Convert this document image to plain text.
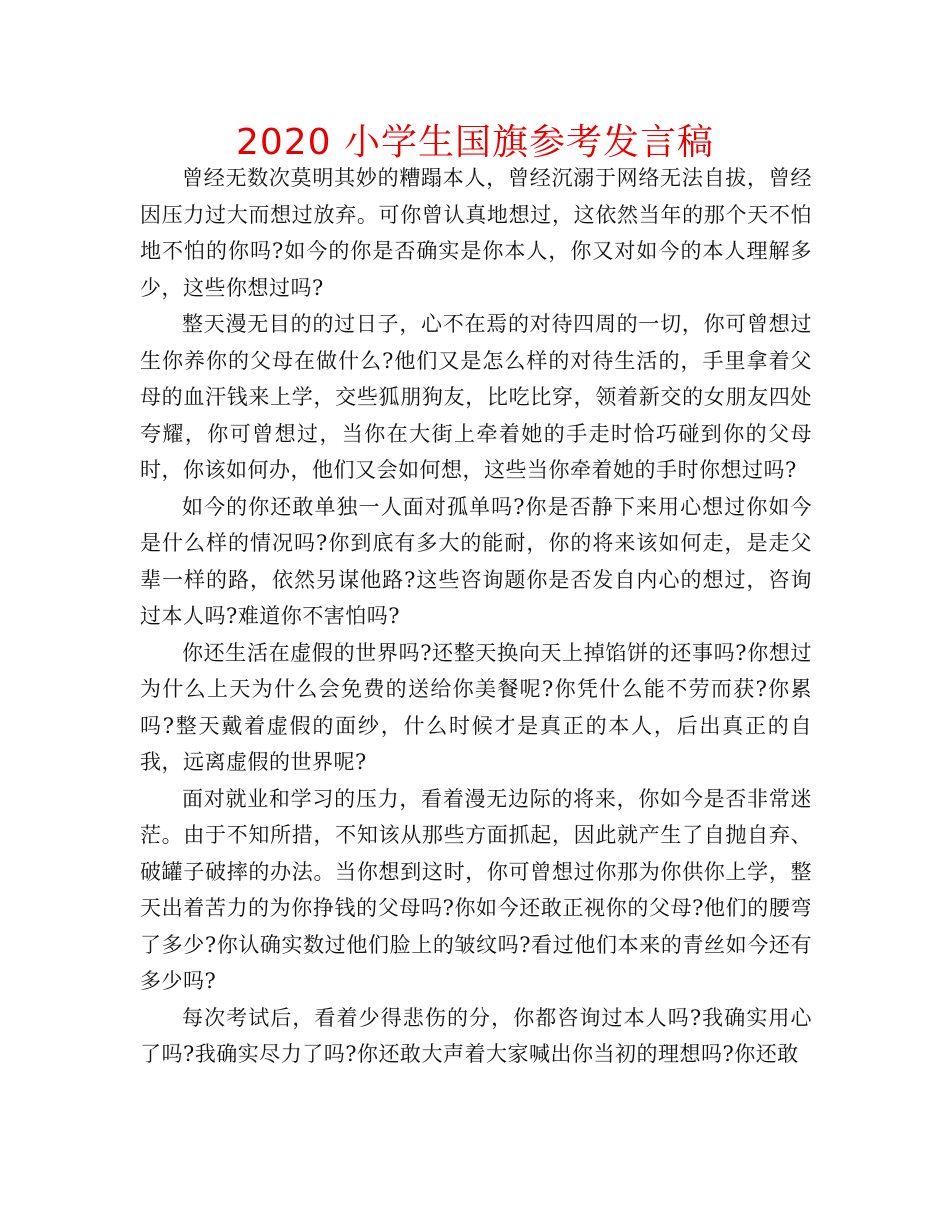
2020 小学生国旗参考发言稿

曾经无数次莫明其妙的糟蹋本人，曾经沉溺于网络无法自拔，曾经因压力过大而想过放弃。可你曾认真地想过，这依然当年的那个天不怕地不怕的你吗?如今的你是否确实是你本人，你又对如今的本人理解多少，这些你想过吗?

整天漫无目的的过日子，心不在焉的对待四周的一切，你可曾想过生你养你的父母在做什么?他们又是怎么样的对待生活的，手里拿着父母的血汗钱来上学，交些狐朋狗友，比吃比穿，领着新交的女朋友四处夸耀，你可曾想过，当你在大街上牵着她的手走时恰巧碰到你的父母时，你该如何办，他们又会如何想，这些当你牵着她的手时你想过吗?

如今的你还敢单独一人面对孤单吗?你是否静下来用心想过你如今是什么样的情况吗?你到底有多大的能耐，你的将来该如何走，是走父辈一样的路，依然另谋他路?这些咨询题你是否发自内心的想过，咨询过本人吗?难道你不害怕吗?

你还生活在虚假的世界吗?还整天换向天上掉馅饼的还事吗?你想过为什么上天为什么会免费的送给你美餐呢?你凭什么能不劳而获?你累吗?整天戴着虚假的面纱，什么时候才是真正的本人，后出真正的自我，远离虚假的世界呢?

面对就业和学习的压力，看着漫无边际的将来，你如今是否非常迷茫。由于不知所措，不知该从那些方面抓起，因此就产生了自抛自弃、破罐子破摔的办法。当你想到这时，你可曾想过你那为你供你上学，整天出着苦力的为你挣钱的父母吗?你如今还敢正视你的父母?他们的腰弯了多少?你认确实数过他们脸上的皱纹吗?看过他们本来的青丝如今还有多少吗?

每次考试后，看着少得悲伤的分，你都咨询过本人吗?我确实用心了吗?我确实尽力了吗?你还敢大声着大家喊出你当初的理想吗?你还敢
